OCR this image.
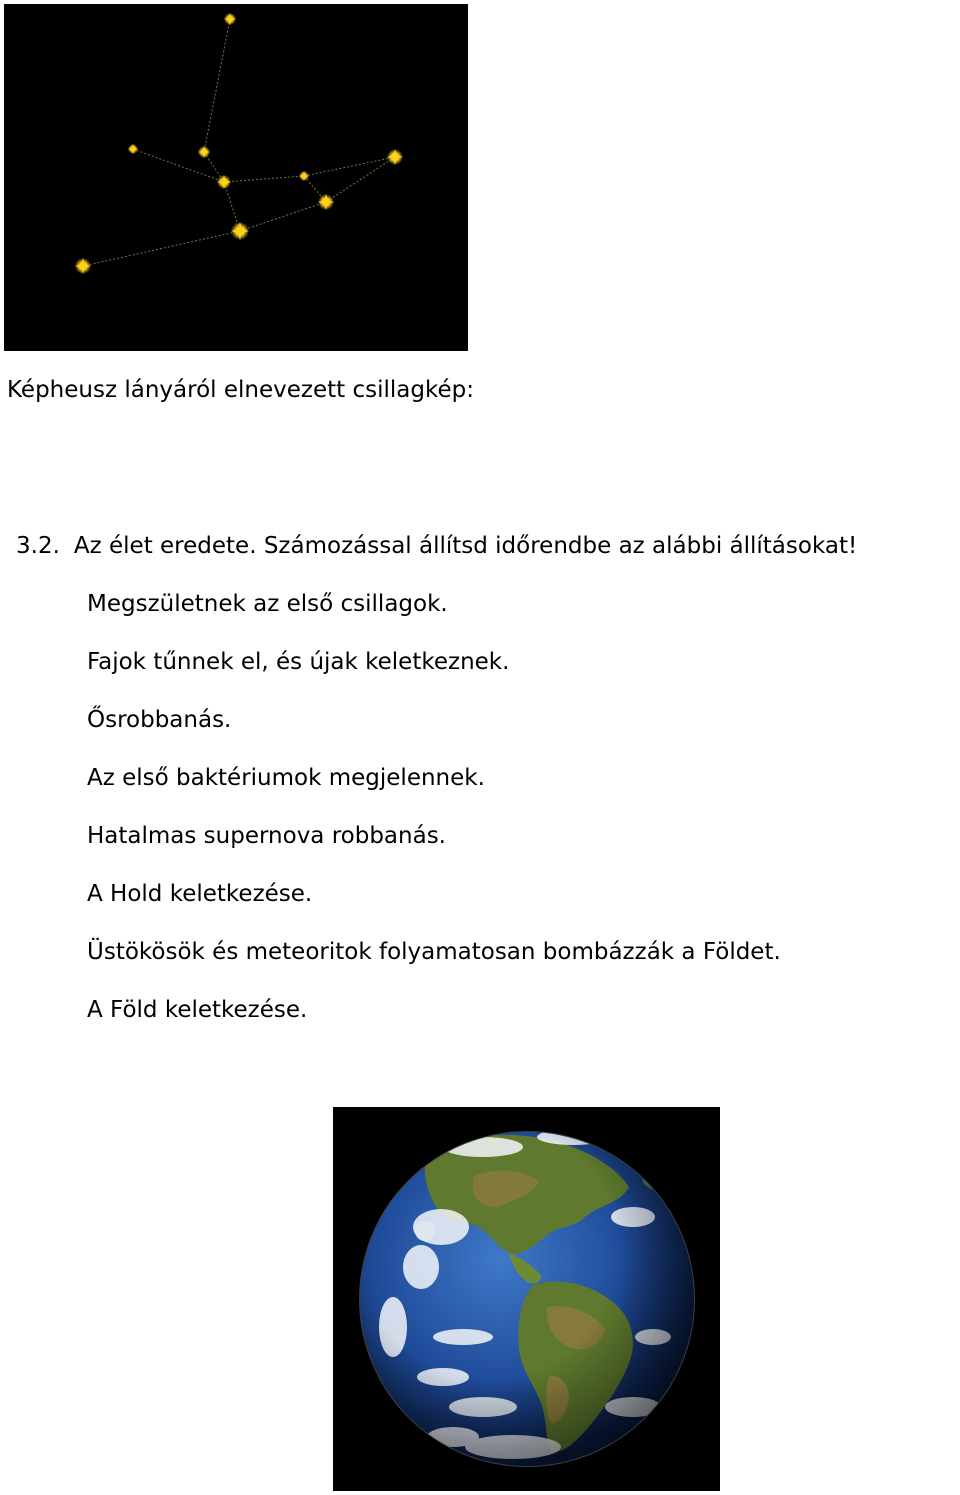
Képheusz lányáról elnevezett csillagkép:
3.2. Az élet eredete. Számozással állítsd időrendbe az alábbi állításokat!
Megszületnek az első csillagok.
Fajok tűnnek el, és újak keletkeznek.
Ősrobbanás.
Az első baktériumok megjelennek.
Hatalmas supernova robbanás.
A Hold keletkezése.
Üstökösök és meteoritok folyamatosan bombázzák a Földet.
A Föld keletkezése.
